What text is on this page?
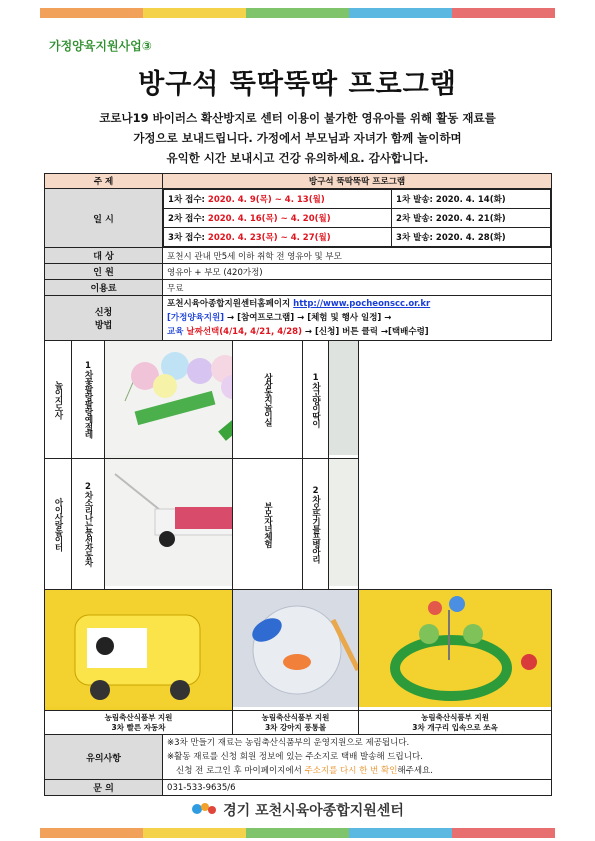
가정양육지원사업③
방구석 뚝딱뚝딱 프로그램
코로나19 바이러스 확산방지로 센터 이용이 불가한 영유아를 위해 활동 재료를
가정으로 보내드립니다. 가정에서 부모님과 자녀가 함께 놀이하며
유익한 시간 보내시고 건강 유의하세요. 감사합니다.
주 제	방구석 뚝딱뚝딱 프로그램
일 시	
1차 접수: 2020. 4. 9(목) ~ 4. 13(월)	1차 발송: 2020. 4. 14(화)
2차 접수: 2020. 4. 16(목) ~ 4. 20(월)	2차 발송: 2020. 4. 21(화)
3차 접수: 2020. 4. 23(목) ~ 4. 27(월)	3차 발송: 2020. 4. 28(화)

대 상	포천시 관내 만5세 이하 취학 전 영유아 및 부모
인 원	영유아 + 부모 (420가정)
이용료	무료
신청
방법	
포천시육아종합지원센터홈페이지 http://www.pocheonscc.or.kr
[가정양육지원] → [참여프로그램] → [체험 및 행사 일정] →
교육 날짜선택(4/14, 4/21, 4/28) → [신청] 버튼 클릭 →[택배수령]

놀이지도사	1차꽃팔랑팔랑예절레		상상동지놀이실	1차고양이딱이

아이사랑놀이터	2차소리나는풍선자동차		부모자녀체험	2차오뚜기틀프병아리

농림축산식품부 지원
3차 빨른 자동차

농림축산식품부 지원
3차 강아지 풍통볼

농림축산식품부 지원
3차 개구리 입속으로 쏘옥

유의사항	
※3차 만들기 재료는 농림축산식품부의 운영지원으로 제공됩니다.
※활동 재료를 신청 회원 정보에 있는 주소지로 택배 발송해 드립니다.
신청 전 로그인 후 마이페이지에서 주소지를 다시 한 번 확인해주세요.

문 의	031-533-9635/6
경기 포천시육아종합지원센터
